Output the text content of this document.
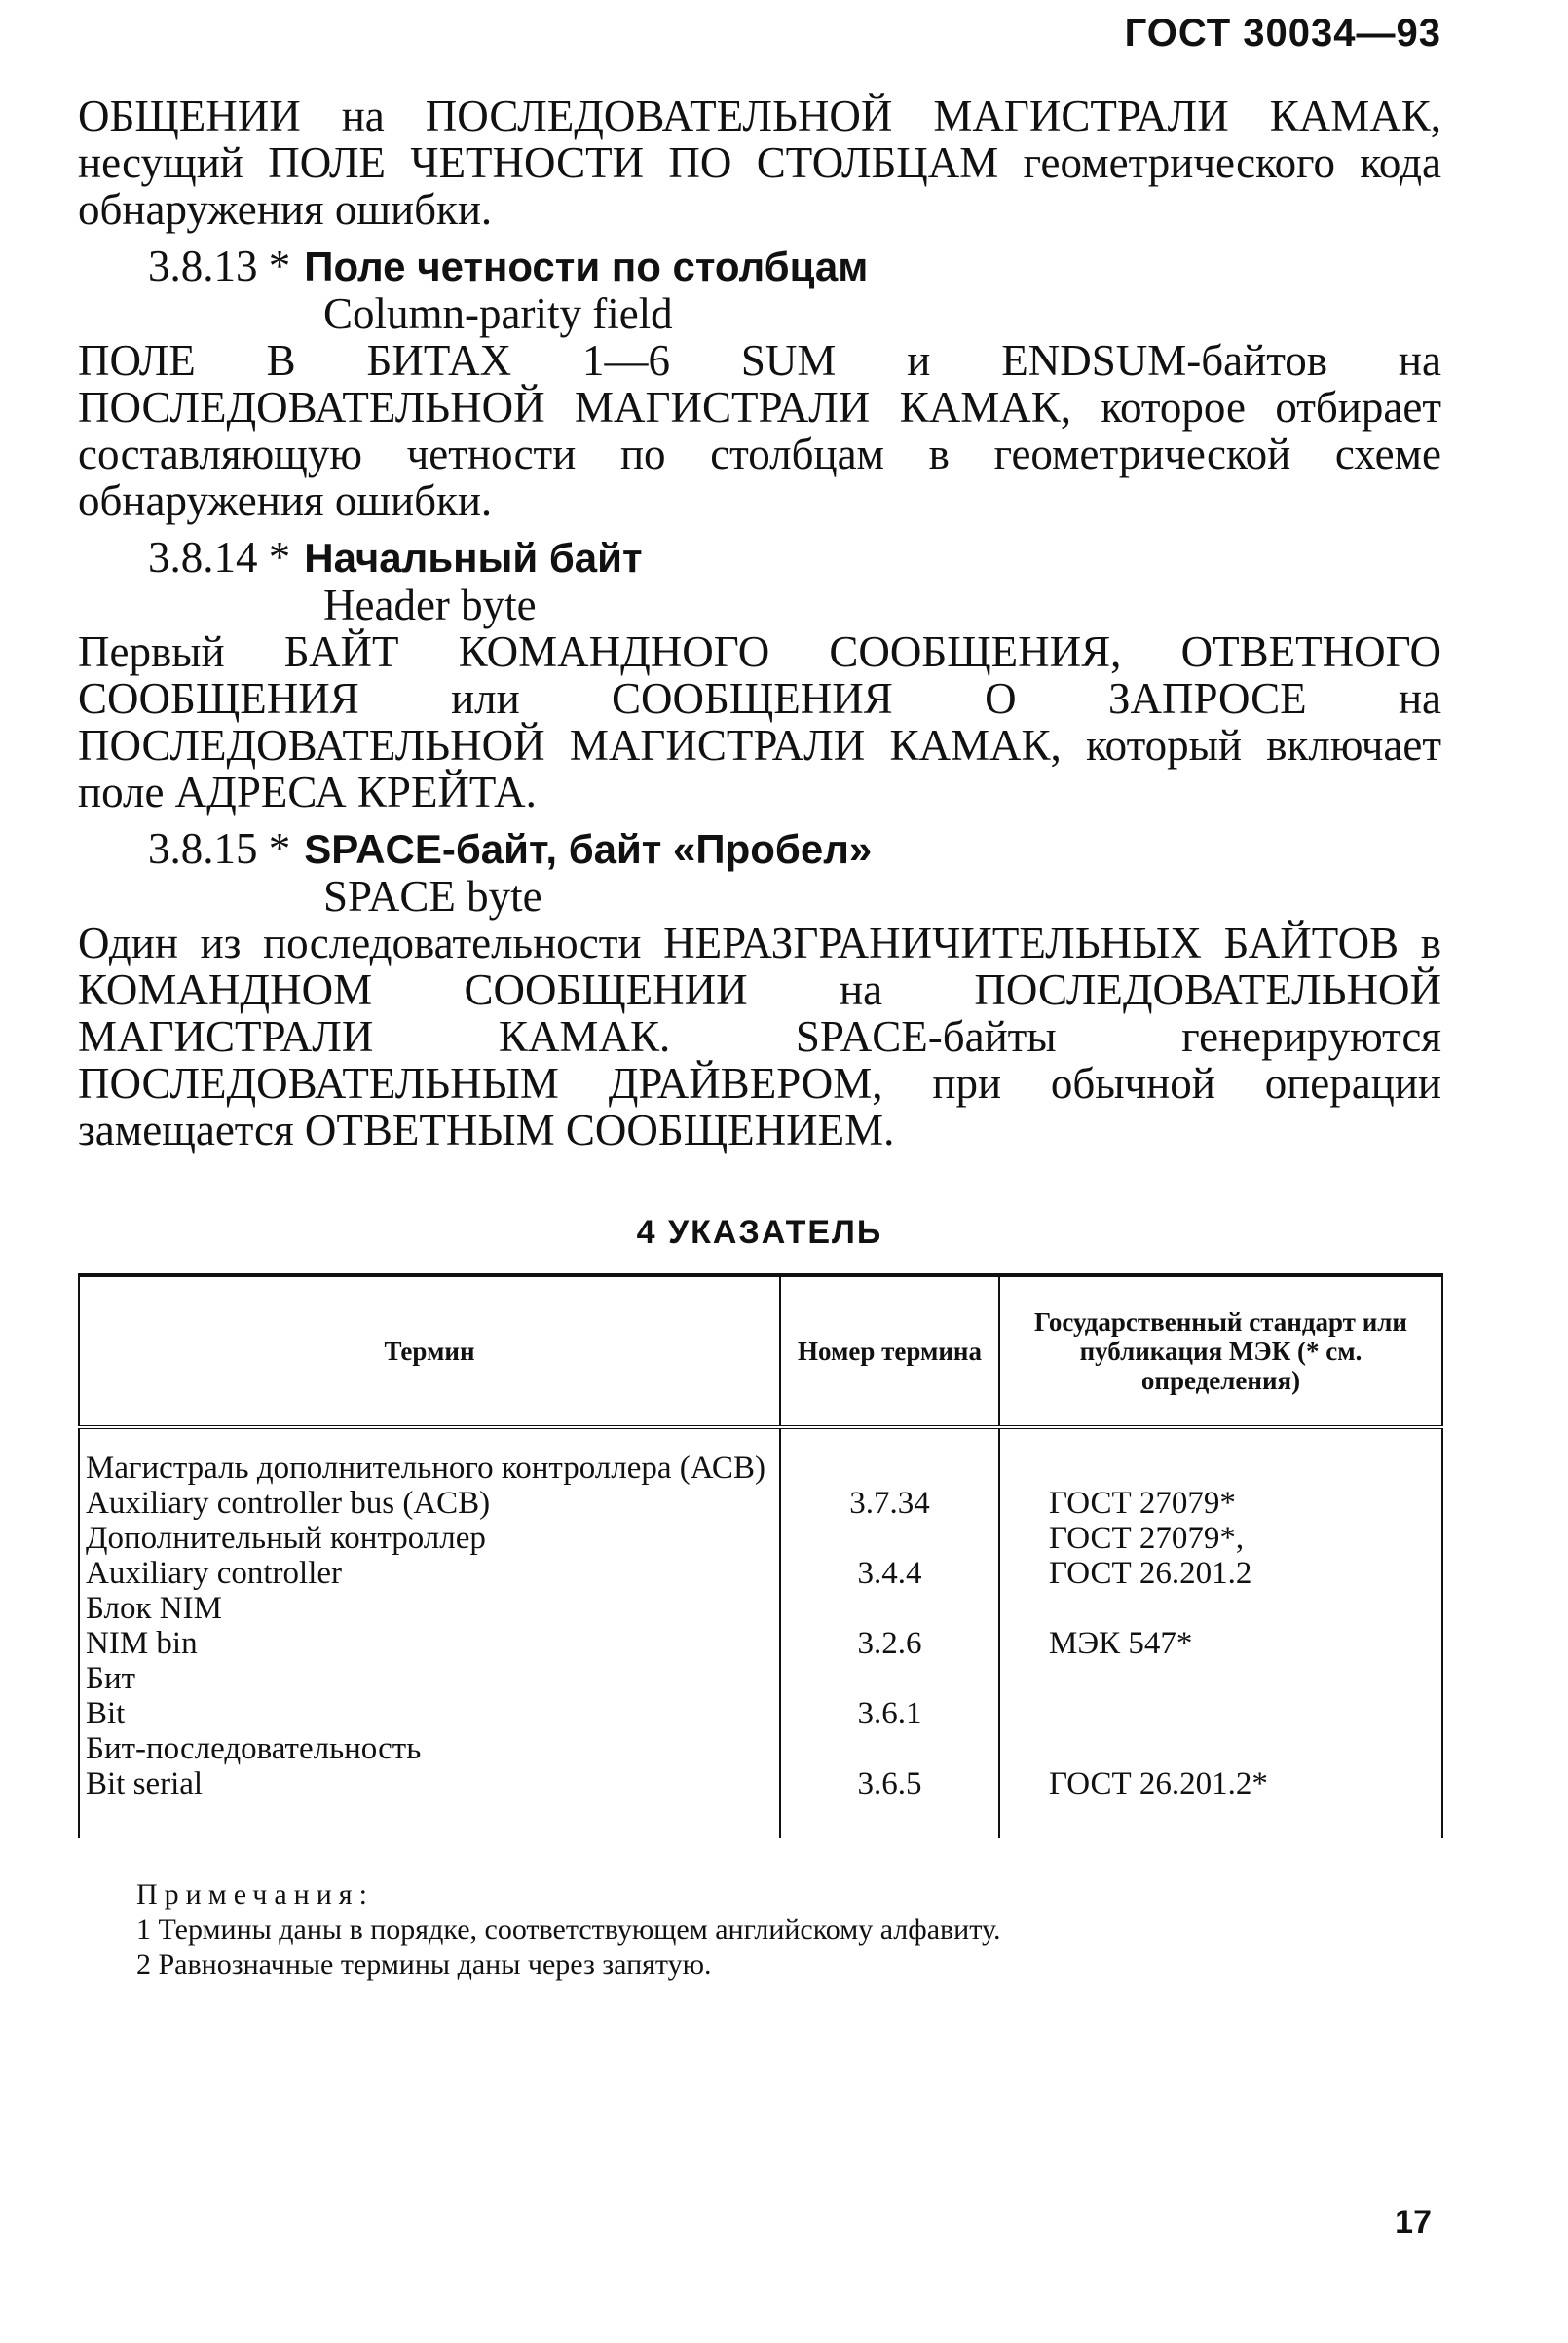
ГОСТ 30034—93

ОБЩЕНИИ на ПОСЛЕДОВАТЕЛЬНОЙ МАГИСТРАЛИ КАМАК, несущий ПОЛЕ ЧЕТНОСТИ ПО СТОЛБЦАМ геометрического кода обнаружения ошибки.

3.8.13 * Поле четности по столбцам

Column-parity field

ПОЛЕ В БИТАХ 1—6 SUM и ENDSUM-байтов на ПОСЛЕДОВАТЕЛЬНОЙ МАГИСТРАЛИ КАМАК, которое отбирает составляющую четности по столбцам в геометрической схеме обнаружения ошибки.

3.8.14 * Начальный байт

Header byte

Первый БАЙТ КОМАНДНОГО СООБЩЕНИЯ, ОТВЕТНОГО СООБЩЕНИЯ или СООБЩЕНИЯ О ЗАПРОСЕ на ПОСЛЕДОВАТЕЛЬНОЙ МАГИСТРАЛИ КАМАК, который включает поле АДРЕСА КРЕЙТА.

3.8.15 * SPACE-байт, байт «Пробел»

SPACE byte

Один из последовательности НЕРАЗГРАНИЧИТЕЛЬНЫХ БАЙТОВ в КОМАНДНОМ СООБЩЕНИИ на ПОСЛЕДОВАТЕЛЬНОЙ МАГИСТРАЛИ КАМАК. SPACE-байты генерируются ПОСЛЕДОВАТЕЛЬНЫМ ДРАЙВЕРОМ, при обычной операции замещается ОТВЕТНЫМ СООБЩЕНИЕМ.

4 УКАЗАТЕЛЬ
Термин	Номер термина	Государственный стандарт или публикация МЭК (* см. определения)
Магистраль дополнительного контроллера (АСВ)		
Auxiliary controller bus (ACB)	3.7.34	ГОСТ 27079*
Дополнительный контроллер		ГОСТ 27079*,
Auxiliary controller	3.4.4	ГОСТ 26.201.2
Блок NIM		
NIM bin	3.2.6	МЭК 547*
Бит		
Bit	3.6.1	
Бит-последовательность		
Bit serial	3.6.5	ГОСТ 26.201.2*
Примечания:
1 Термины даны в порядке, соответствующем английскому алфавиту.
2 Равнозначные термины даны через запятую.
17
